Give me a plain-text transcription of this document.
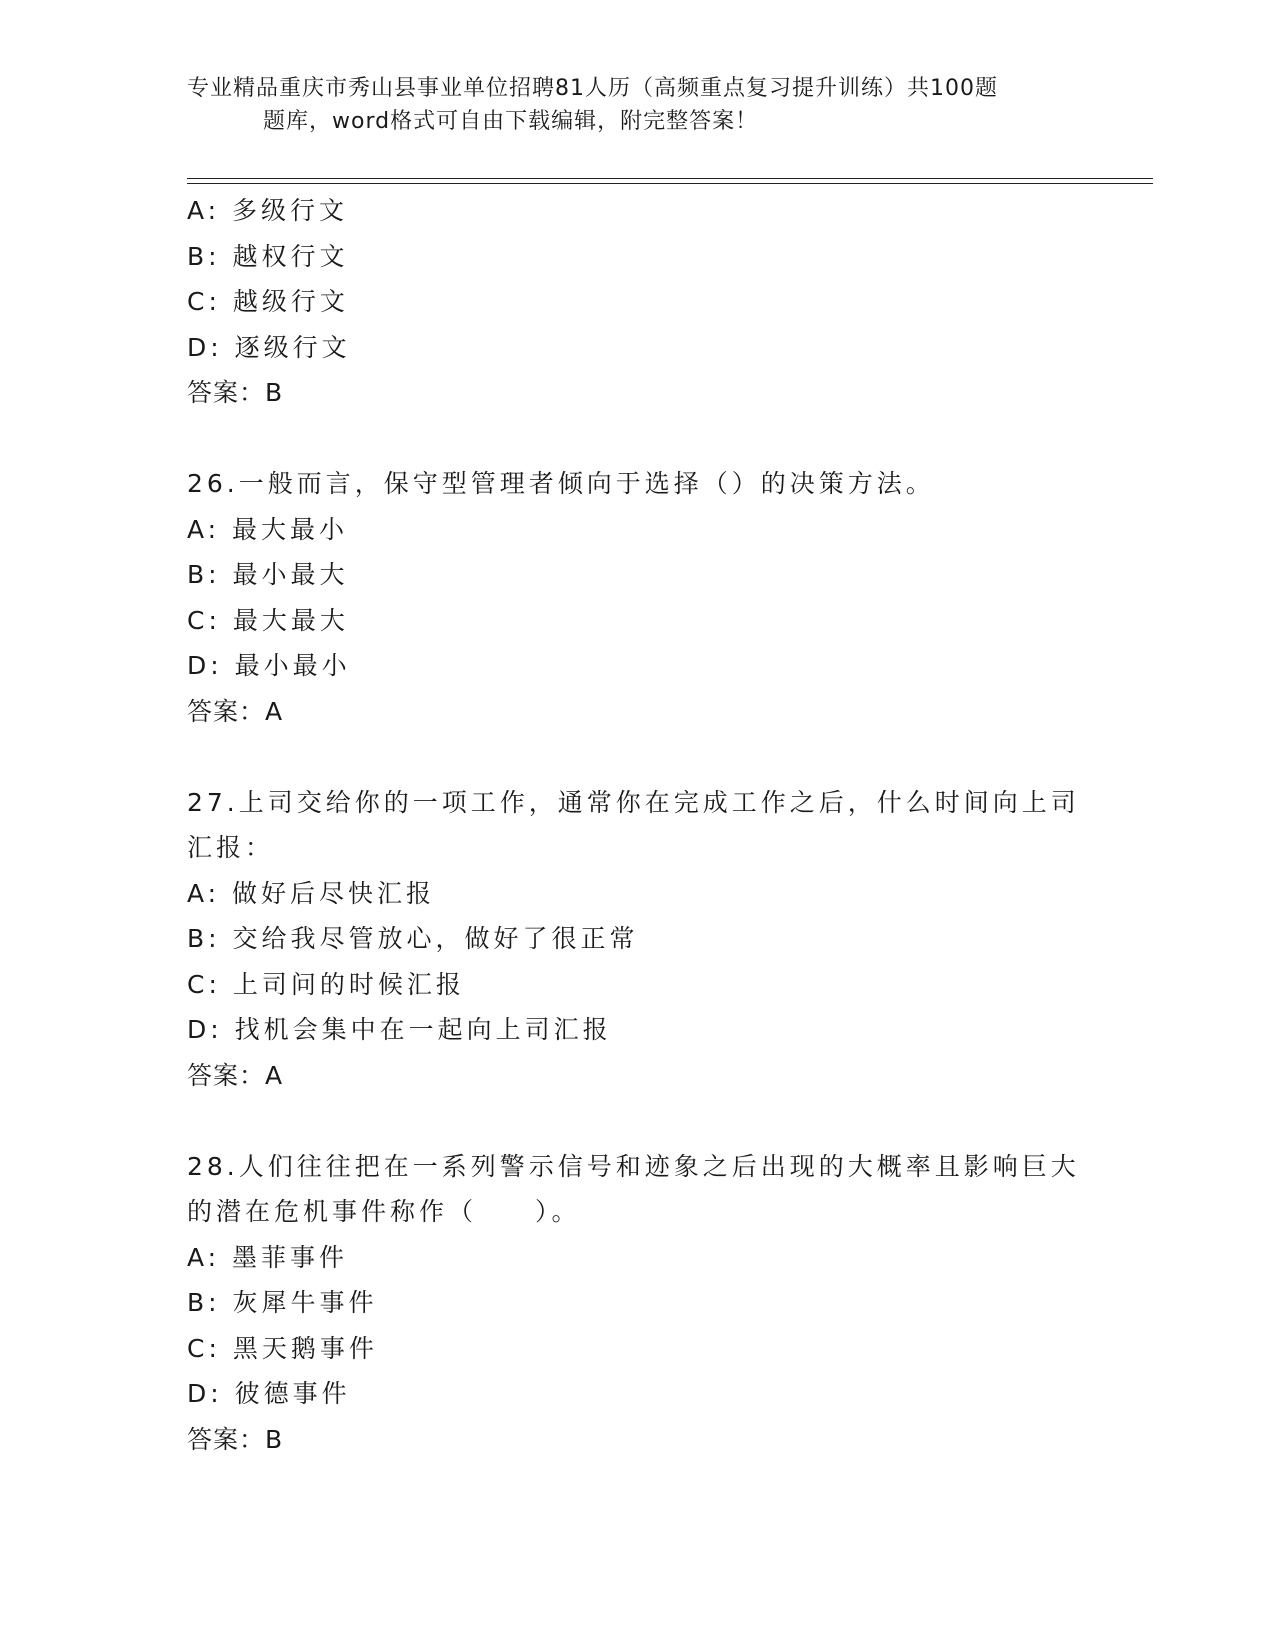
专业精品重庆市秀山县事业单位招聘81人历（高频重点复习提升训练）共100题
题库，word格式可自由下载编辑，附完整答案！
A: 多级行文
B: 越权行文
C: 越级行文
D: 逐级行文
答案：B
26.一般而言，保守型管理者倾向于选择（）的决策方法。
A: 最大最小
B: 最小最大
C: 最大最大
D: 最小最小
答案：A
27.上司交给你的一项工作，通常你在完成工作之后，什么时间向上司
汇报：
A: 做好后尽快汇报
B: 交给我尽管放心，做好了很正常
C: 上司问的时候汇报
D: 找机会集中在一起向上司汇报
答案：A
28.人们往往把在一系列警示信号和迹象之后出现的大概率且影响巨大
的潜在危机事件称作（　　）。
A: 墨菲事件
B: 灰犀牛事件
C: 黑天鹅事件
D: 彼德事件
答案：B
